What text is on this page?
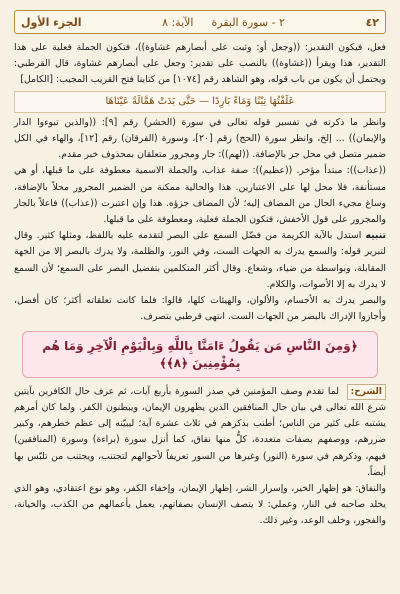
٤٢
٢ - سورة البقرة
الآية: ٨
الجزء الأول

فعل، فيكون التقدير: ((وجعل أو: وثبت على أبصارهم غشاوة))، فتكون الجملة فعلية على هذا التقدير، هذا ويقرأ ((غشاوة)) بالنصب على تقدير: وجعل على أبصارهم غشاوة، قال القرطبي: ويحتمل أن يكون من باب قوله، وهو الشاهد رقم [١٠٧٤] من كتابنا فتح القريب المجيب: [الكامل]

عَلَفْتُهَا تِبْنًا وَمَاءً بَارِدًا — حَتَّى بَدَتْ هَمَّالَةً عَيْنَاهَا

وانظر ما ذكرته في تفسير قوله تعالى في سورة (الحشر) رقم [٩]: ((والذين تبوءوا الدار والإيمان)) ... إلخ، وانظر سورة (الحج) رقم [٢٠]، وسورة (الفرقان) رقم [١٢]، والهاء في الكل ضمير متصل في محل جر بالإضافة. ((لهم)): جار ومجرور متعلقان بمحذوف خبر مقدم.

((عذاب)): مبتدأ مؤخر. ((عظيم)): صفة عذاب، والجملة الاسمية معطوفة على ما قبلها، أو هي مستأنفة، فلا محل لها على الاعتبارين. هذا والحالية ممكنة من الضمير المجرور محلاً بالإضافة، وساغ مجيء الحال من المضاف إليه؛ لأن المضاف جزؤه. هذا وإن اعتبرت ((عذاب)) فاعلاً بالجار والمجرور على قول الأخفش، فتكون الجملة فعلية، ومعطوفة على ما قبلها.

تنبيه استدل بالآية الكريمة من فضّل السمع على البصر لتقدمه عليه باللفظ، ومثلها كثير. وقال لتبرير قوله: والسمع يدرك به الجهات الست، وفي النور، والظلمة، ولا يدرك بالبصر إلا من الجهة المقابلة، وبواسطة من ضياء، وشعاع. وقال أكثر المتكلمين بتفضيل البصر على السمع؛ لأن السمع لا يدرك به إلا الأصوات، والكلام.

والبصر يدرك به الأجسام، والألوان، والهيئات كلها، قالوا: فلما كانت تعلقاته أكثر؛ كان أفضل، وأجازوا الإدراك بالبصر من الجهات الست. انتهى قرطبي بتصرف.

﴿وَمِنَ النَّاسِ مَن يَقُولُ ءَامَنَّا بِاللَّهِ وَبِالْيَوْمِ الْآخِرِ وَمَا هُم بِمُؤْمِنِينَ ﴿٨﴾﴾

الشرح: لما تقدم وصف المؤمنين في صدر السورة بأربع آيات، ثم عرف حال الكافرين بآيتين شرع الله تعالى في بيان حال المنافقين الذين يظهرون الإيمان، ويبطنون الكفر. ولما كان أمرهم يشتبه على كثير من الناس؛ أطنب بذكرهم في ثلاث عشرة آية؛ ليبيّنه إلى عظم خطرهم، وكبير ضررهم، ووصفهم بصفات متعددة، كلُّ منها نفاق، كما أنزل سورة (براءة) وسورة (المنافقين) فيهم، وذكرهم في سورة (النور) وغيرها من السور تعريفاً لأحوالهم لتجتنب، ويجتنب من تلبّس بها أيضاً.

والنفاق: هو إظهار الخير، وإسرار الشر، إظهار الإيمان، وإخفاء الكفر، وهو نوع اعتقادي، وهو الذي يخلد صاحبه في النار، وعملي: لا يتصف الإنسان بصفاتهم، يعمل بأعمالهم من الكذب، والخيانة، والفجور، وخلف الوعد، وغير ذلك.
